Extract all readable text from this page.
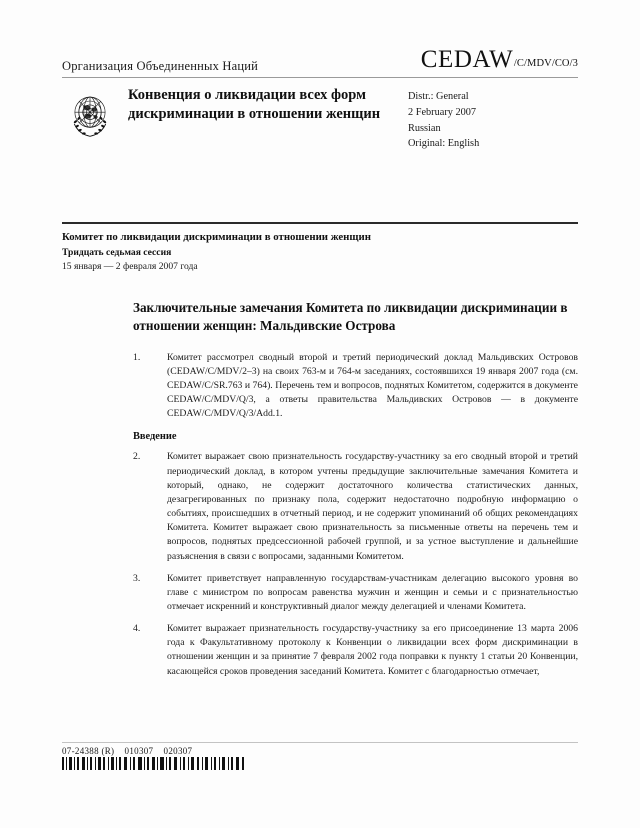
Организация Объединенных Наций	CEDAW /C/MDV/CO/3
Конвенция о ликвидации всех форм дискриминации в отношении женщин
Distr.: General
2 February 2007
Russian
Original: English
Комитет по ликвидации дискриминации в отношении женщин
Тридцать седьмая сессия
15 января — 2 февраля 2007 года
Заключительные замечания Комитета по ликвидации дискриминации в отношении женщин: Мальдивские Острова
1.	Комитет рассмотрел сводный второй и третий периодический доклад Мальдивских Островов (CEDAW/C/MDV/2–3) на своих 763-м и 764-м заседаниях, состоявшихся 19 января 2007 года (см. CEDAW/C/SR.763 и 764). Перечень тем и вопросов, поднятых Комитетом, содержится в документе CEDAW/C/MDV/Q/3, а ответы правительства Мальдивских Островов — в документе CEDAW/C/MDV/Q/3/Add.1.
Введение
2.	Комитет выражает свою признательность государству-участнику за его сводный второй и третий периодический доклад, в котором учтены предыдущие заключительные замечания Комитета и который, однако, не содержит достаточного количества статистических данных, дезагрегированных по признаку пола, содержит недостаточно подробную информацию о событиях, происшедших в отчетный период, и не содержит упоминаний об общих рекомендациях Комитета. Комитет выражает свою признательность за письменные ответы на перечень тем и вопросов, поднятых предсессионной рабочей группой, и за устное выступление и дальнейшие разъяснения в связи с вопросами, заданными Комитетом.
3.	Комитет приветствует направленную государствам-участникам делегацию высокого уровня во главе с министром по вопросам равенства мужчин и женщин и семьи и с признательностью отмечает искренний и конструктивный диалог между делегацией и членами Комитета.
4.	Комитет выражает признательность государству-участнику за его присоединение 13 марта 2006 года к Факультативному протоколу к Конвенции о ликвидации всех форм дискриминации в отношении женщин и за принятие 7 февраля 2002 года поправки к пункту 1 статьи 20 Конвенции, касающейся сроков проведения заседаний Комитета. Комитет с благодарностью отмечает,
07-24388 (R)    010307    020307
